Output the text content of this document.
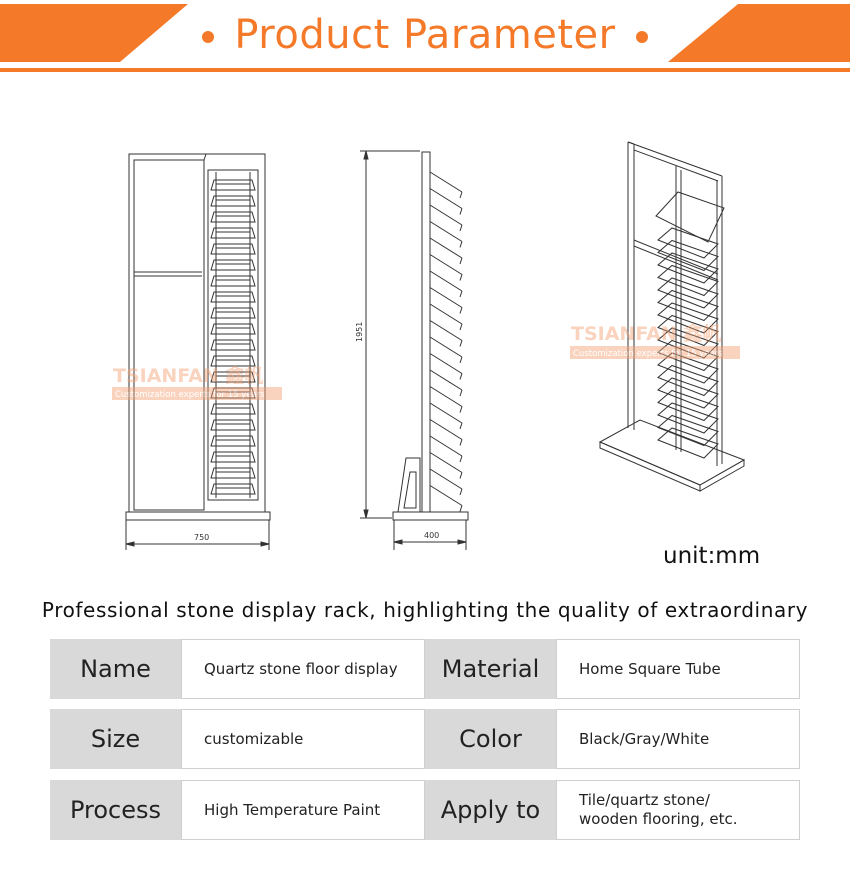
Product Parameter
750	400
1951
TSIANFAN 鑫帆
Customization experts for 15 years
TSIANFAN 鑫帆
Customization experts for 15 years
unit:mm
Professional stone display rack, highlighting the quality of extraordinary
Name	Quartz stone floor display	Material	Home Square Tube
Size	customizable	Color	Black/Gray/White
Process	High Temperature Paint	Apply to	Tile/quartz stone/
wooden flooring, etc.
